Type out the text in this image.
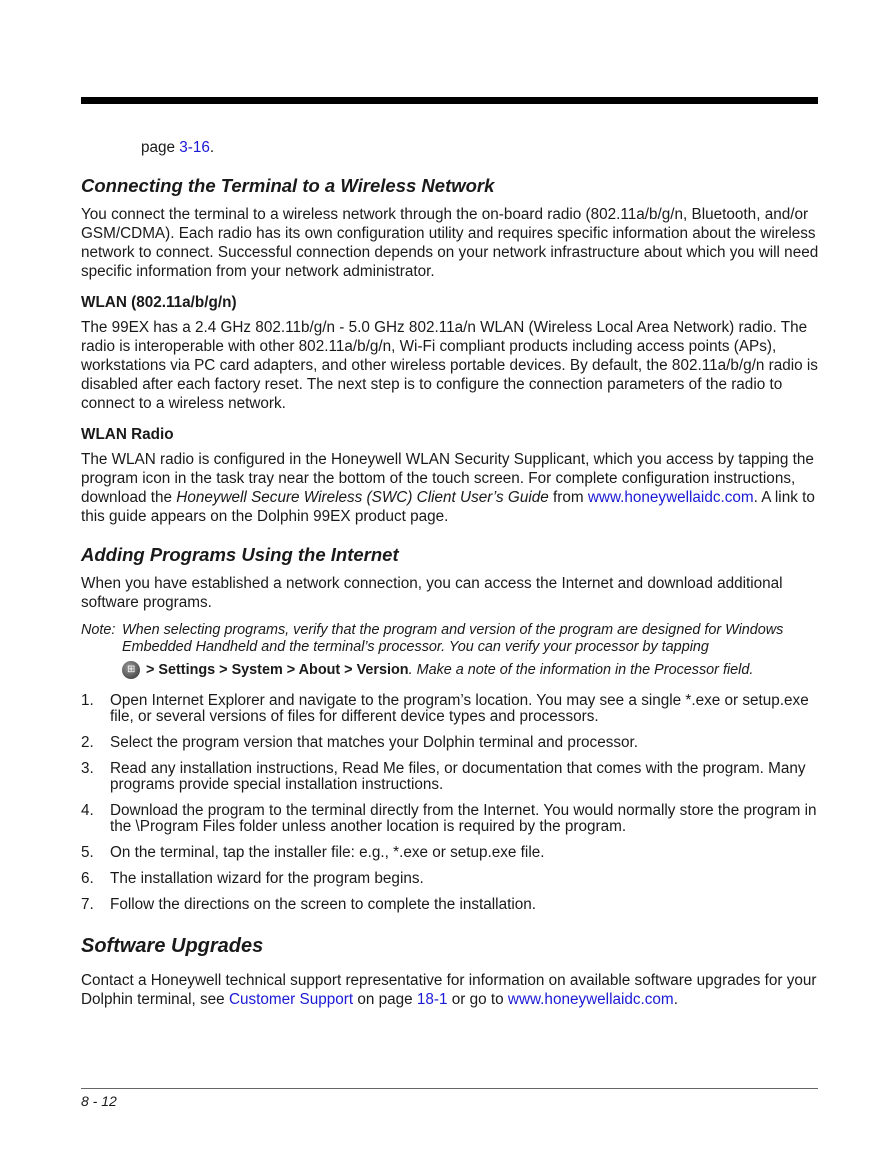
page 3-16.

Connecting the Terminal to a Wireless Network

You connect the terminal to a wireless network through the on-board radio (802.11a/b/g/n, Bluetooth, and/or GSM/CDMA). Each radio has its own configuration utility and requires specific information about the wireless network to connect. Successful connection depends on your network infrastructure about which you will need specific information from your network administrator.

WLAN (802.11a/b/g/n)

The 99EX has a 2.4 GHz 802.11b/g/n - 5.0 GHz 802.11a/n WLAN (Wireless Local Area Network) radio. The radio is interoperable with other 802.11a/b/g/n, Wi-Fi compliant products including access points (APs), workstations via PC card adapters, and other wireless portable devices. By default, the 802.11a/b/g/n radio is disabled after each factory reset. The next step is to configure the connection parameters of the radio to connect to a wireless network.

WLAN Radio

The WLAN radio is configured in the Honeywell WLAN Security Supplicant, which you access by tapping the program icon in the task tray near the bottom of the touch screen. For complete configuration instructions, download the Honeywell Secure Wireless (SWC) Client User’s Guide from www.honeywellaidc.com. A link to this guide appears on the Dolphin 99EX product page.

Adding Programs Using the Internet

When you have established a network connection, you can access the Internet and download additional software programs.

Note: When selecting programs, verify that the program and version of the program are designed for Windows Embedded Handheld and the terminal’s processor. You can verify your processor by tapping
⊞ > Settings > System > About > Version . Make a note of the information in the Processor field.
1.	Open Internet Explorer and navigate to the program’s location. You may see a single *.exe or setup.exe file, or several versions of files for different device types and processors.
2.	Select the program version that matches your Dolphin terminal and processor.
3.	Read any installation instructions, Read Me files, or documentation that comes with the program. Many programs provide special installation instructions.
4.	Download the program to the terminal directly from the Internet. You would normally store the program in the \Program Files folder unless another location is required by the program.
5.	On the terminal, tap the installer file: e.g., *.exe or setup.exe file.
6.	The installation wizard for the program begins.
7.	Follow the directions on the screen to complete the installation.
Software Upgrades

Contact a Honeywell technical support representative for information on available software upgrades for your Dolphin terminal, see Customer Support on page 18-1 or go to www.honeywellaidc.com.

8 - 12
